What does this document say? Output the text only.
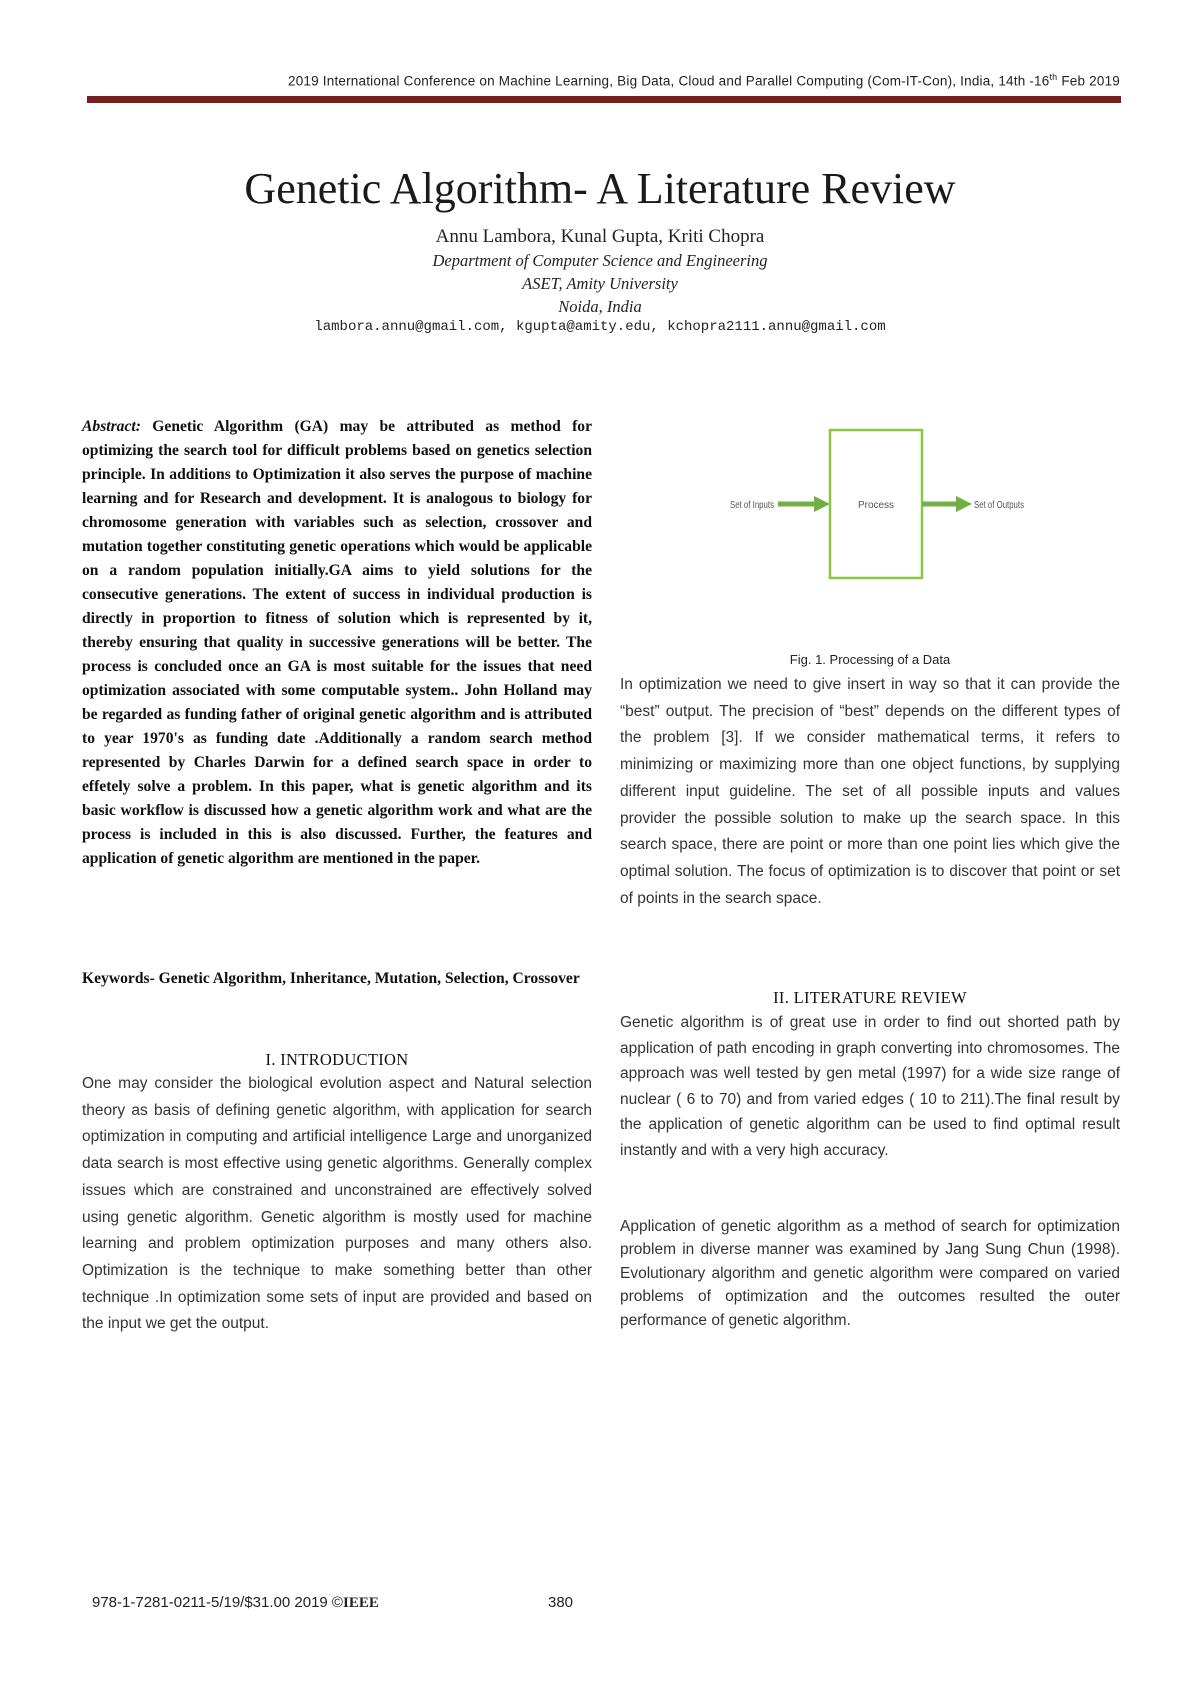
2019 International Conference on Machine Learning, Big Data, Cloud and Parallel Computing (Com-IT-Con), India, 14th -16th Feb 2019
Genetic Algorithm- A Literature Review
Annu Lambora, Kunal Gupta, Kriti Chopra
Department of Computer Science and Engineering
ASET, Amity University
Noida, India
lambora.annu@gmail.com, kgupta@amity.edu, kchopra2111.annu@gmail.com
Abstract: Genetic Algorithm (GA) may be attributed as method for optimizing the search tool for difficult problems based on genetics selection principle. In additions to Optimization it also serves the purpose of machine learning and for Research and development. It is analogous to biology for chromosome generation with variables such as selection, crossover and mutation together constituting genetic operations which would be applicable on a random population initially.GA aims to yield solutions for the consecutive generations. The extent of success in individual production is directly in proportion to fitness of solution which is represented by it, thereby ensuring that quality in successive generations will be better. The process is concluded once an GA is most suitable for the issues that need optimization associated with some computable system.. John Holland may be regarded as funding father of original genetic algorithm and is attributed to year 1970's as funding date .Additionally a random search method represented by Charles Darwin for a defined search space in order to effetely solve a problem. In this paper, what is genetic algorithm and its basic workflow is discussed how a genetic algorithm work and what are the process is included in this is also discussed. Further, the features and application of genetic algorithm are mentioned in the paper.
Keywords- Genetic Algorithm, Inheritance, Mutation, Selection, Crossover
I. INTRODUCTION
One may consider the biological evolution aspect and Natural selection theory as basis of defining genetic algorithm, with application for search optimization in computing and artificial intelligence Large and unorganized data search is most effective using genetic algorithms. Generally complex issues which are constrained and unconstrained are effectively solved using genetic algorithm. Genetic algorithm is mostly used for machine learning and problem optimization purposes and many others also. Optimization is the technique to make something better than other technique .In optimization some sets of input are provided and based on the input we get the output.
Set of Inputs	Process	Set of Outputs
Fig. 1. Processing of a Data
In optimization we need to give insert in way so that it can provide the “best” output. The precision of “best” depends on the different types of the problem [3]. If we consider mathematical terms, it refers to minimizing or maximizing more than one object functions, by supplying different input guideline. The set of all possible inputs and values provider the possible solution to make up the search space. In this search space, there are point or more than one point lies which give the optimal solution. The focus of optimization is to discover that point or set of points in the search space.
II. LITERATURE REVIEW
Genetic algorithm is of great use in order to find out shorted path by application of path encoding in graph converting into chromosomes. The approach was well tested by gen metal (1997) for a wide size range of nuclear ( 6 to 70) and from varied edges ( 10 to 211).The final result by the application of genetic algorithm can be used to find optimal result instantly and with a very high accuracy.
Application of genetic algorithm as a method of search for optimization problem in diverse manner was examined by Jang Sung Chun (1998). Evolutionary algorithm and genetic algorithm were compared on varied problems of optimization and the outcomes resulted the outer performance of genetic algorithm.
978-1-7281-0211-5/19/$31.00 2019 ©IEEE	380
